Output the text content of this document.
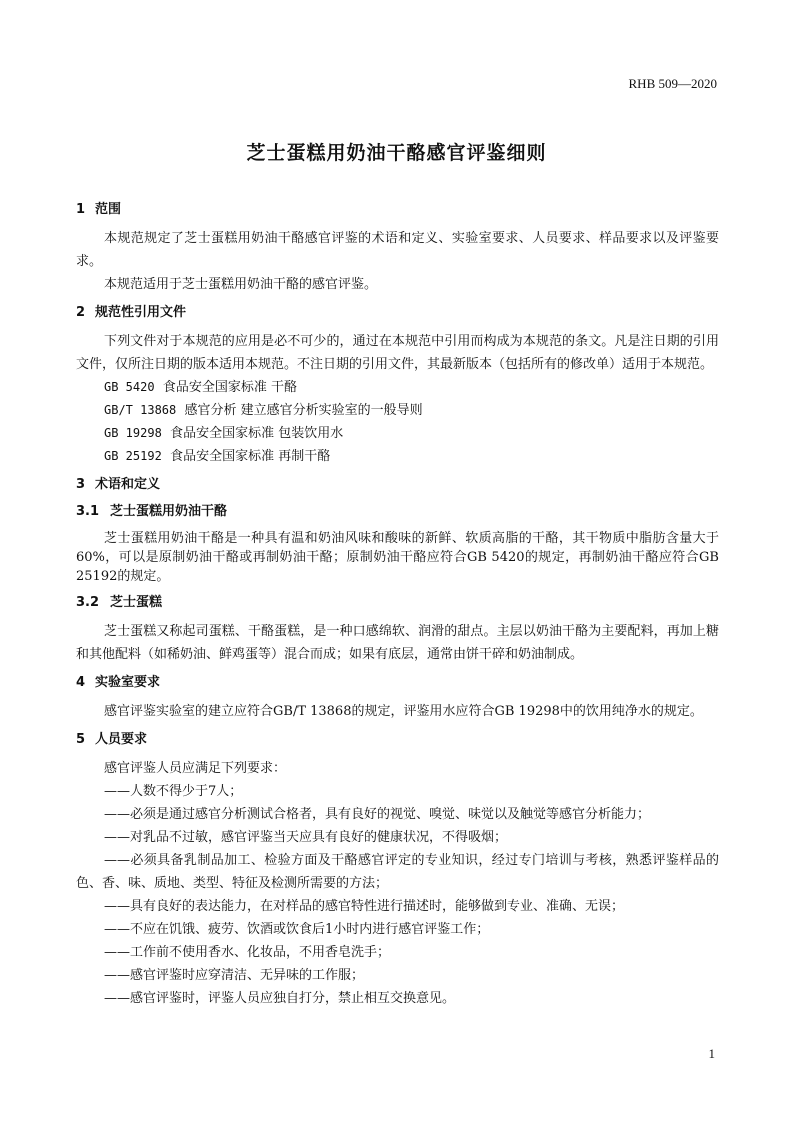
RHB 509—2020
芝士蛋糕用奶油干酪感官评鉴细则
1 范围

本规范规定了芝士蛋糕用奶油干酪感官评鉴的术语和定义、实验室要求、人员要求、样品要求以及评鉴要求。

本规范适用于芝士蛋糕用奶油干酪的感官评鉴。

2 规范性引用文件

下列文件对于本规范的应用是必不可少的，通过在本规范中引用而构成为本规范的条文。凡是注日期的引用文件，仅所注日期的版本适用本规范。不注日期的引用文件，其最新版本（包括所有的修改单）适用于本规范。

GB 5420 食品安全国家标准 干酪
GB/T 13868 感官分析 建立感官分析实验室的一般导则
GB 19298 食品安全国家标准 包装饮用水
GB 25192 食品安全国家标准 再制干酪
3 术语和定义
3.1 芝士蛋糕用奶油干酪

芝士蛋糕用奶油干酪是一种具有温和奶油风味和酸味的新鲜、软质高脂的干酪，其干物质中脂肪含量大于60%，可以是原制奶油干酪或再制奶油干酪；原制奶油干酪应符合GB 5420的规定，再制奶油干酪应符合GB 25192的规定。

3.2 芝士蛋糕

芝士蛋糕又称起司蛋糕、干酪蛋糕，是一种口感绵软、润滑的甜点。主层以奶油干酪为主要配料，再加上糖和其他配料（如稀奶油、鲜鸡蛋等）混合而成；如果有底层，通常由饼干碎和奶油制成。

4 实验室要求

感官评鉴实验室的建立应符合GB/T 13868的规定，评鉴用水应符合GB 19298中的饮用纯净水的规定。

5 人员要求

感官评鉴人员应满足下列要求：

——人数不得少于7人；

——必须是通过感官分析测试合格者，具有良好的视觉、嗅觉、味觉以及触觉等感官分析能力；

——对乳品不过敏，感官评鉴当天应具有良好的健康状况，不得吸烟；

——必须具备乳制品加工、检验方面及干酪感官评定的专业知识，经过专门培训与考核，熟悉评鉴样品的色、香、味、质地、类型、特征及检测所需要的方法；

——具有良好的表达能力，在对样品的感官特性进行描述时，能够做到专业、准确、无误；

——不应在饥饿、疲劳、饮酒或饮食后1小时内进行感官评鉴工作；

——工作前不使用香水、化妆品，不用香皂洗手；

——感官评鉴时应穿清洁、无异味的工作服；

——感官评鉴时，评鉴人员应独自打分，禁止相互交换意见。

1
